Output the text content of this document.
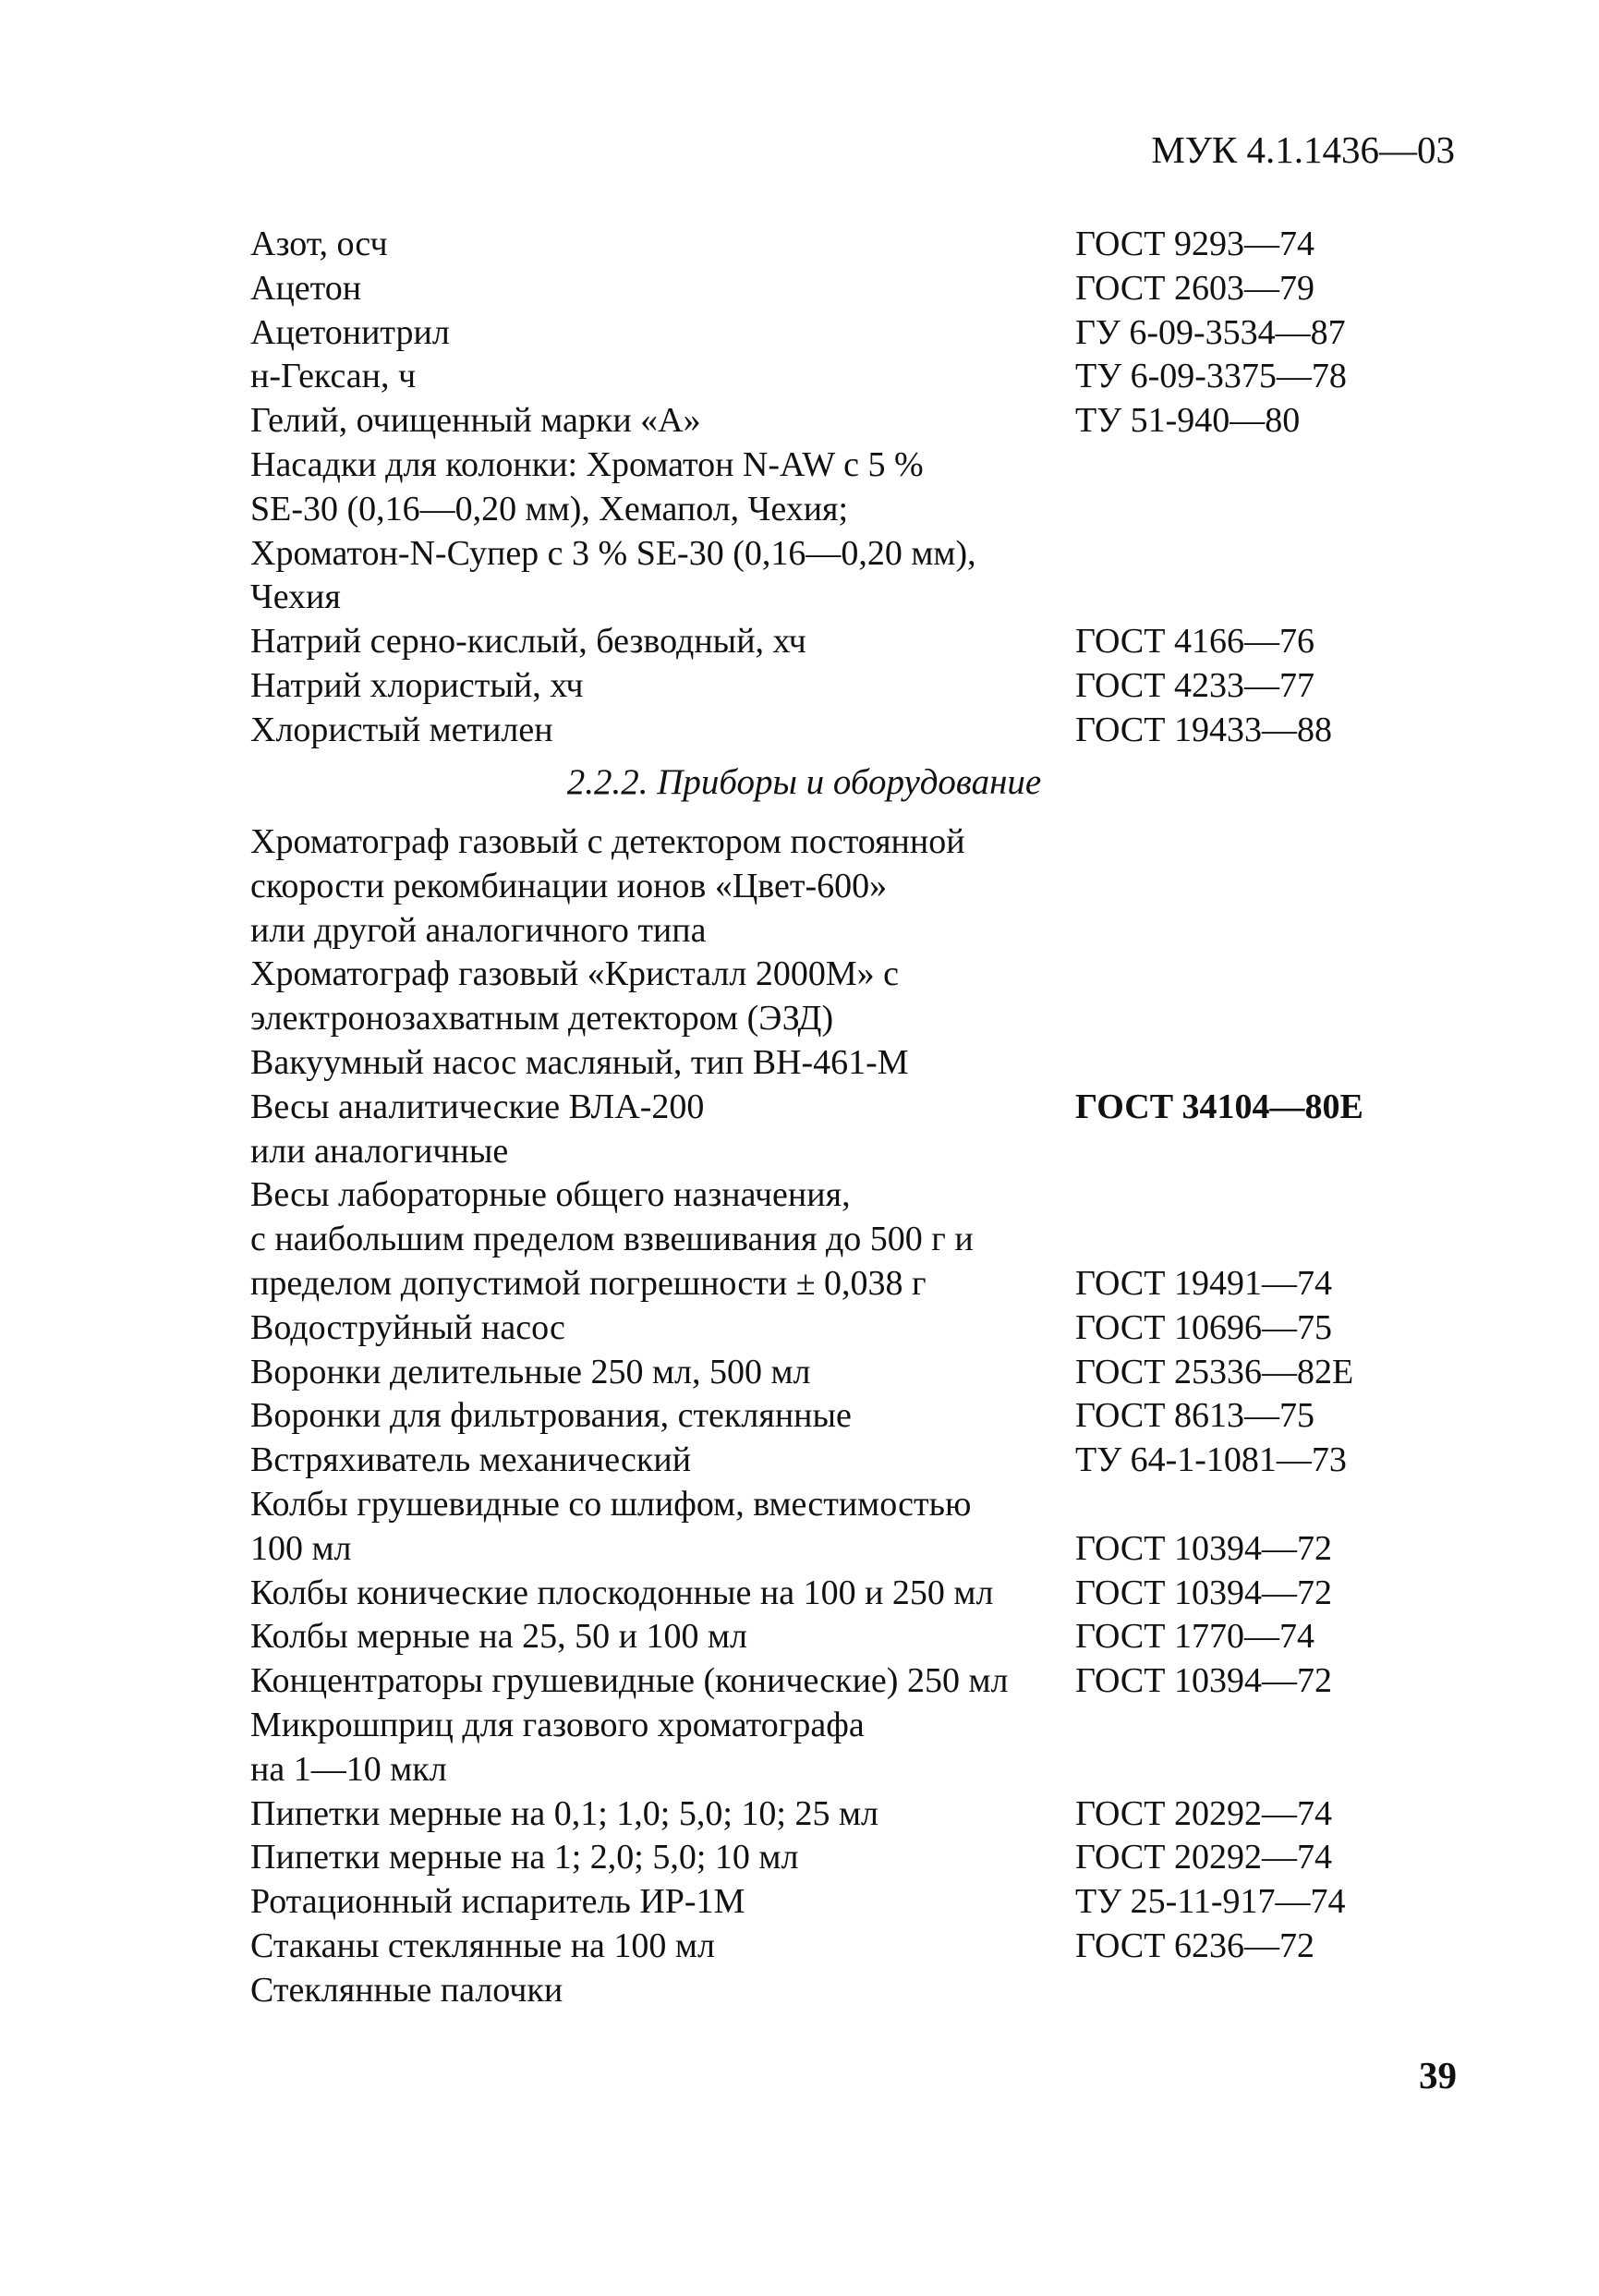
МУК 4.1.1436—03
Азот, осч	ГОСТ 9293—74
Ацетон	ГОСТ 2603—79
Ацетонитрил	ГУ 6-09-3534—87
н-Гексан, ч	ТУ 6-09-3375—78
Гелий, очищенный марки «А»	ТУ 51-940—80
Насадки для колонки: Хроматон N-AW с 5 %
SE-30 (0,16—0,20 мм), Хемапол, Чехия;
Хроматон-N-Супер с 3 % SE-30 (0,16—0,20 мм),
Чехия
Натрий серно-кислый, безводный, хч	ГОСТ 4166—76
Натрий хлористый, хч	ГОСТ 4233—77
Хлористый метилен	ГОСТ 19433—88
2.2.2. Приборы и оборудование
Хроматограф газовый с детектором постоянной
скорости рекомбинации ионов «Цвет-600»
или другой аналогичного типа
Хроматограф газовый «Кристалл 2000М» с
электронозахватным детектором (ЭЗД)
Вакуумный насос масляный, тип ВН-461-М
Весы аналитические ВЛА-200	ГОСТ 34104—80Е
или аналогичные
Весы лабораторные общего назначения,
с наибольшим пределом взвешивания до 500 г и
пределом допустимой погрешности ± 0,038 г	ГОСТ 19491—74
Водоструйный насос	ГОСТ 10696—75
Воронки делительные 250 мл, 500 мл	ГОСТ 25336—82Е
Воронки для фильтрования, стеклянные	ГОСТ 8613—75
Встряхиватель механический	ТУ 64-1-1081—73
Колбы грушевидные со шлифом, вместимостью
100 мл	ГОСТ 10394—72
Колбы конические плоскодонные на 100 и 250 мл ГОСТ 10394—72
Колбы мерные на 25, 50 и 100 мл	ГОСТ 1770—74
Концентраторы грушевидные (конические) 250 мл ГОСТ 10394—72
Микрошприц для газового хроматографа
на 1—10 мкл
Пипетки мерные на 0,1; 1,0; 5,0; 10; 25 мл	ГОСТ 20292—74
Пипетки мерные на 1; 2,0; 5,0; 10 мл	ГОСТ 20292—74
Ротационный испаритель ИР-1М	ТУ 25-11-917—74
Стаканы стеклянные на 100 мл	ГОСТ 6236—72
Стеклянные палочки
39
